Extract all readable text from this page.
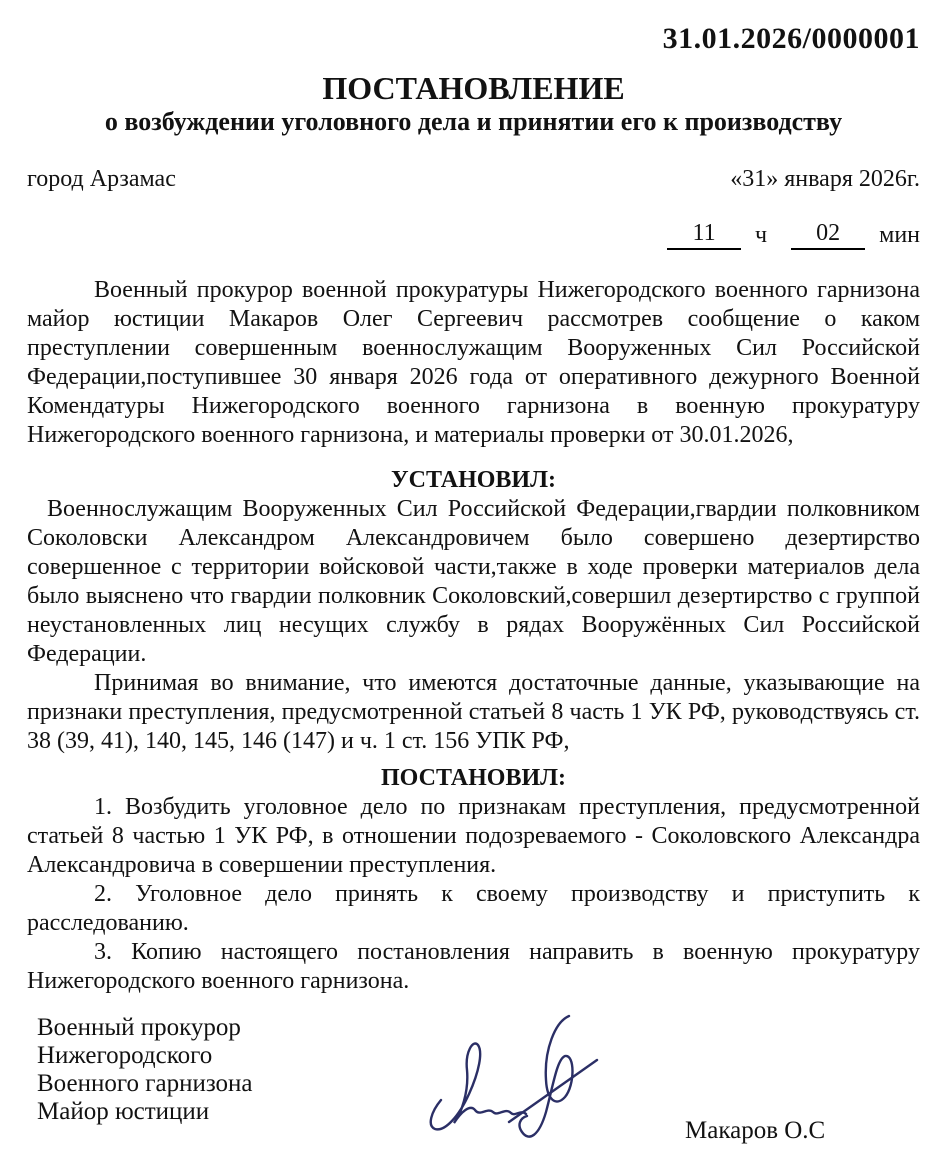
31.01.2026/0000001
ПОСТАНОВЛЕНИЕ
о возбуждении уголовного дела и принятии его к производству
город Арзамас	«31» января 2026г.
11	ч	02	мин

Военный прокурор военной прокуратуры Нижегородского военного гарнизона майор юстиции Макаров Олег Сергеевич рассмотрев сообщение о каком преступлении совершенным военнослужащим Вооруженных Сил Российской Федерации,поступившее 30 января 2026 года от оперативного дежурного Военной Комендатуры Нижегородского военного гарнизона в военную прокуратуру Нижегородского военного гарнизона, и материалы проверки от 30.01.2026,

УСТАНОВИЛ:

Военнослужащим Вооруженных Сил Российской Федерации,гвардии полковником Соколовски Александром Александровичем было совершено дезертирство совершенное с территории войсковой части,также в ходе проверки материалов дела было выяснено что гвардии полковник Соколовский,совершил дезертирство с группой неустановленных лиц несущих службу в рядах Вооружённых Сил Российской Федерации.

Принимая во внимание, что имеются достаточные данные, указывающие на признаки преступления, предусмотренной статьей 8 часть 1 УК РФ, руководствуясь ст. 38 (39, 41), 140, 145, 146 (147) и ч. 1 ст. 156 УПК РФ,

ПОСТАНОВИЛ:

1. Возбудить уголовное дело по признакам преступления, предусмотренной статьей 8 частью 1 УК РФ, в отношении подозреваемого - Соколовского Александра Александровича в совершении преступления.

2. Уголовное дело принять к своему производству и приступить к расследованию.

3. Копию настоящего постановления направить в военную прокуратуру Нижегородского военного гарнизона.

Военный прокурор
Нижегородского
Военного гарнизона
Майор юстиции
Макаров О.С
